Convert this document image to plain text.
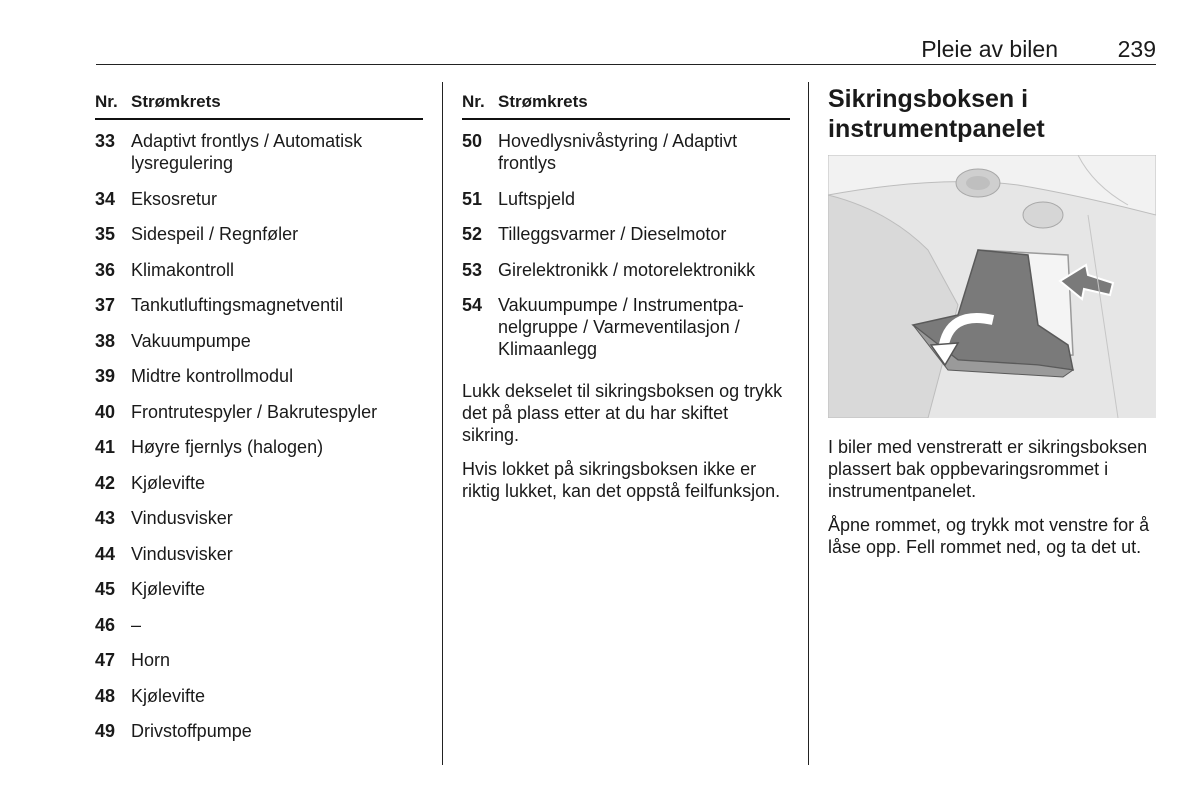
Pleie av bilen	239
Nr. Strømkrets
33 Adaptivt frontlys / Automatisk lysregulering
34 Eksosretur
35 Sidespeil / Regnføler
36 Klimakontroll
37 Tankutluftingsmagnetventil
38 Vakuumpumpe
39 Midtre kontrollmodul
40 Frontrutespyler / Bakrutespyler
41 Høyre fjernlys (halogen)
42 Kjølevifte
43 Vindusvisker
44 Vindusvisker
45 Kjølevifte
46 –
47 Horn
48 Kjølevifte
49 Drivstoffpumpe
Nr. Strømkrets
50 Hovedlysnivåstyring / Adaptivt frontlys
51 Luftspjeld
52 Tilleggsvarmer / Dieselmotor
53 Girelektronikk / motorelektronikk
54 Vakuumpumpe / Instrumentpanelgruppe / Varmeventilasjon / Klimaanlegg

Lukk dekselet til sikringsboksen og trykk det på plass etter at du har skiftet sikring.

Hvis lokket på sikringsboksen ikke er riktig lukket, kan det oppstå feilfunksjon.

Sikringsboksen i instrumentpanelet

I biler med venstreratt er sikringsboksen plassert bak oppbevaringsrommet i instrumentpanelet.

Åpne rommet, og trykk mot venstre for å låse opp. Fell rommet ned, og ta det ut.
